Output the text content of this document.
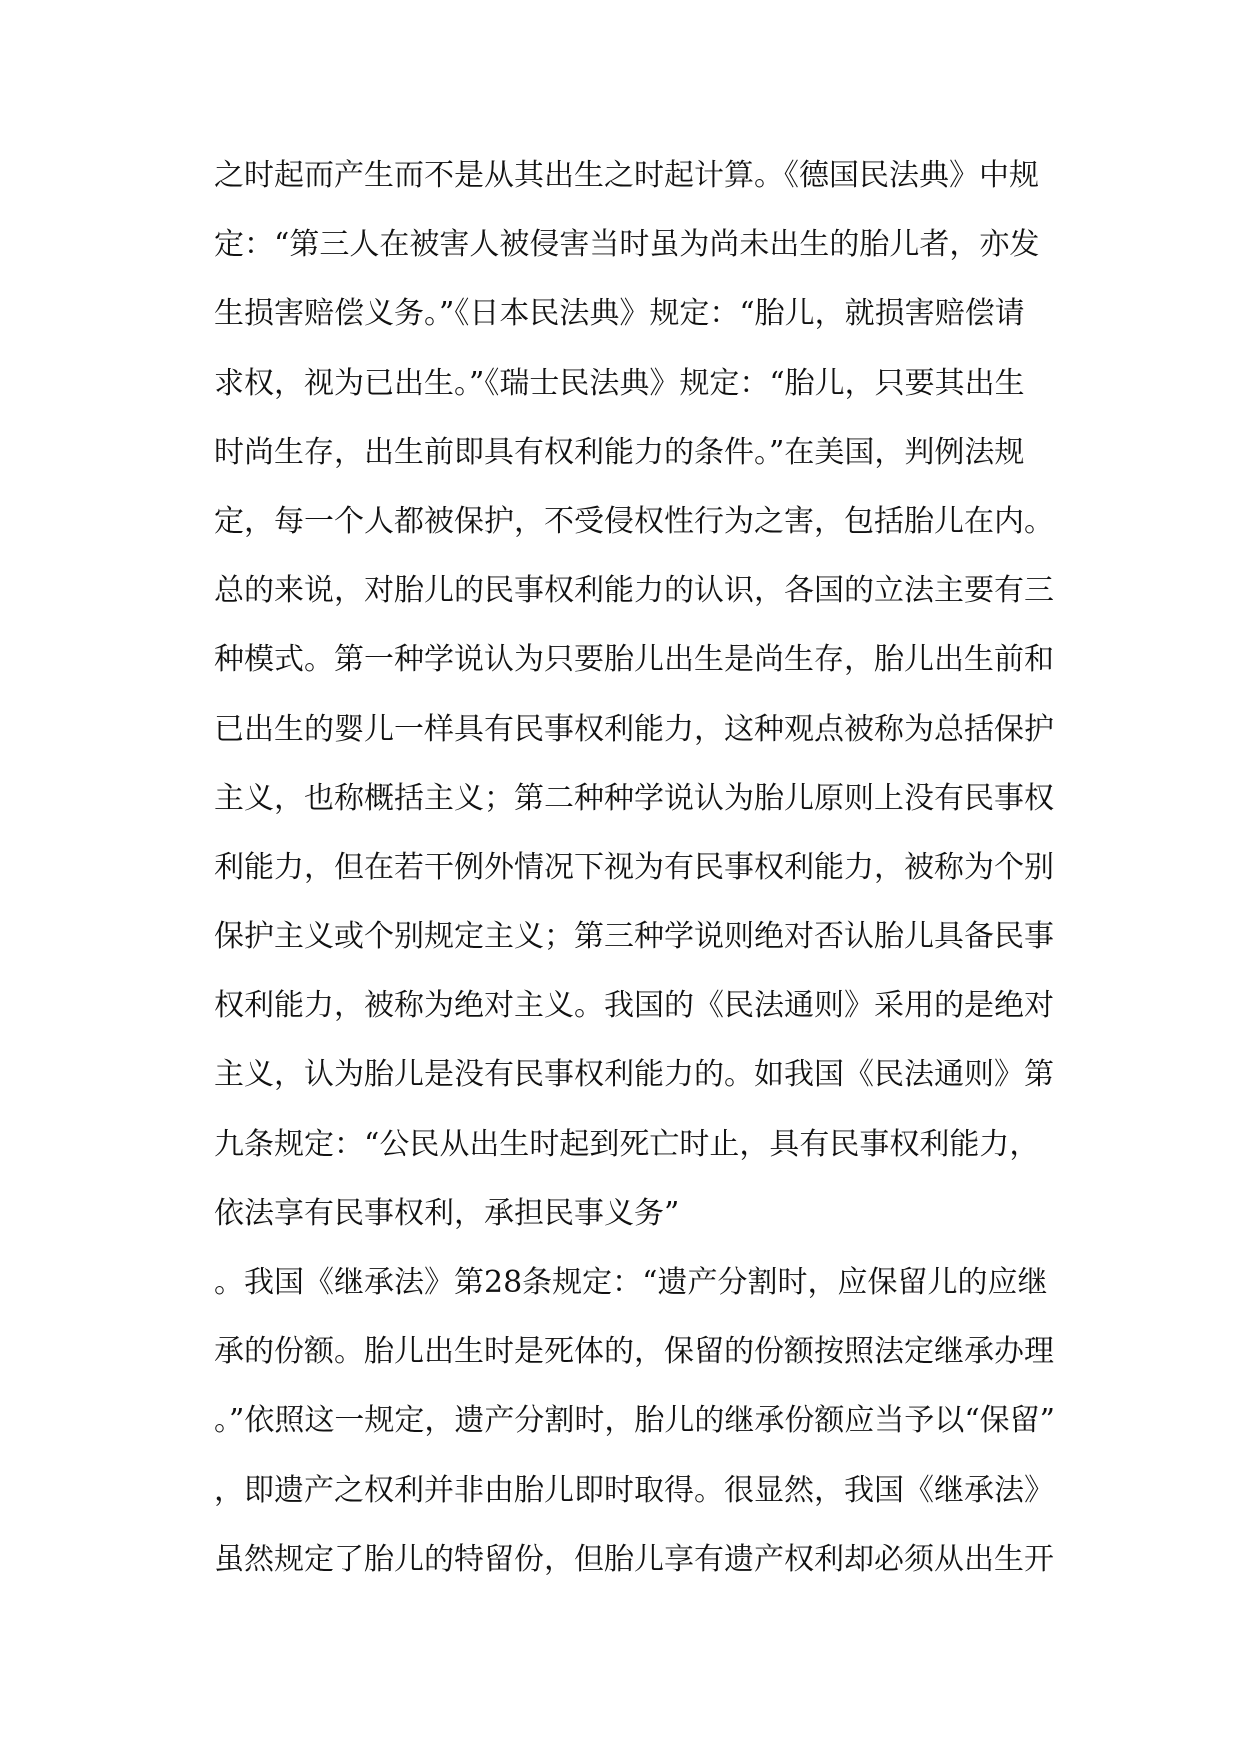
之时起而产生而不是从其出生之时起计算。《德国民法典》中规
定：“第三人在被害人被侵害当时虽为尚未出生的胎儿者，亦发
生损害赔偿义务。”《日本民法典》规定：“胎儿，就损害赔偿请
求权，视为已出生。”《瑞士民法典》规定：“胎儿，只要其出生
时尚生存，出生前即具有权利能力的条件。”在美国，判例法规
定，每一个人都被保护，不受侵权性行为之害，包括胎儿在内。
总的来说，对胎儿的民事权利能力的认识，各国的立法主要有三
种模式。第一种学说认为只要胎儿出生是尚生存，胎儿出生前和
已出生的婴儿一样具有民事权利能力，这种观点被称为总括保护
主义，也称概括主义；第二种种学说认为胎儿原则上没有民事权
利能力，但在若干例外情况下视为有民事权利能力，被称为个别
保护主义或个别规定主义；第三种学说则绝对否认胎儿具备民事
权利能力，被称为绝对主义。我国的《民法通则》采用的是绝对
主义，认为胎儿是没有民事权利能力的。如我国《民法通则》第
九条规定：“公民从出生时起到死亡时止，具有民事权利能力，
依法享有民事权利，承担民事义务”
。我国《继承法》第28条规定：“遗产分割时，应保留儿的应继
承的份额。胎儿出生时是死体的，保留的份额按照法定继承办理
。”依照这一规定，遗产分割时，胎儿的继承份额应当予以“保留”
，即遗产之权利并非由胎儿即时取得。很显然，我国《继承法》
虽然规定了胎儿的特留份，但胎儿享有遗产权利却必须从出生开
